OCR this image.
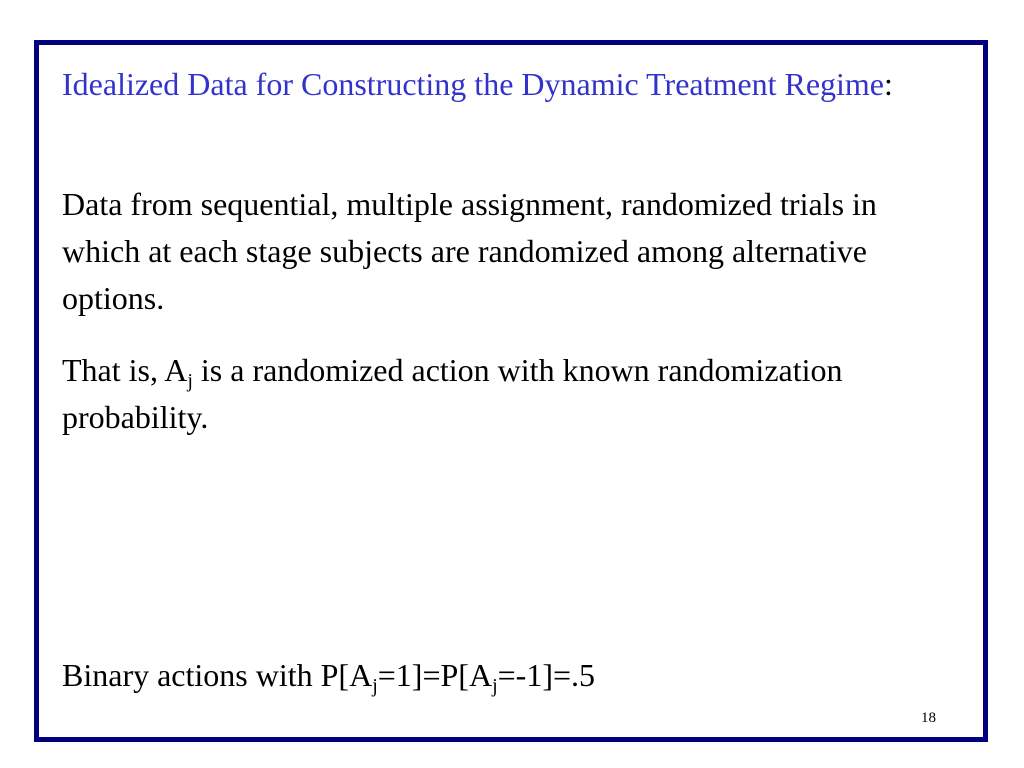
Idealized Data for Constructing the Dynamic Treatment Regime:

Data from sequential, multiple assignment, randomized trials in which at each stage subjects are randomized among alternative options.

That is, $A_j$ is a randomized action with known randomization probability.

Binary actions with $P[A_j=1]=P[A_j=-1]=.5$

18
